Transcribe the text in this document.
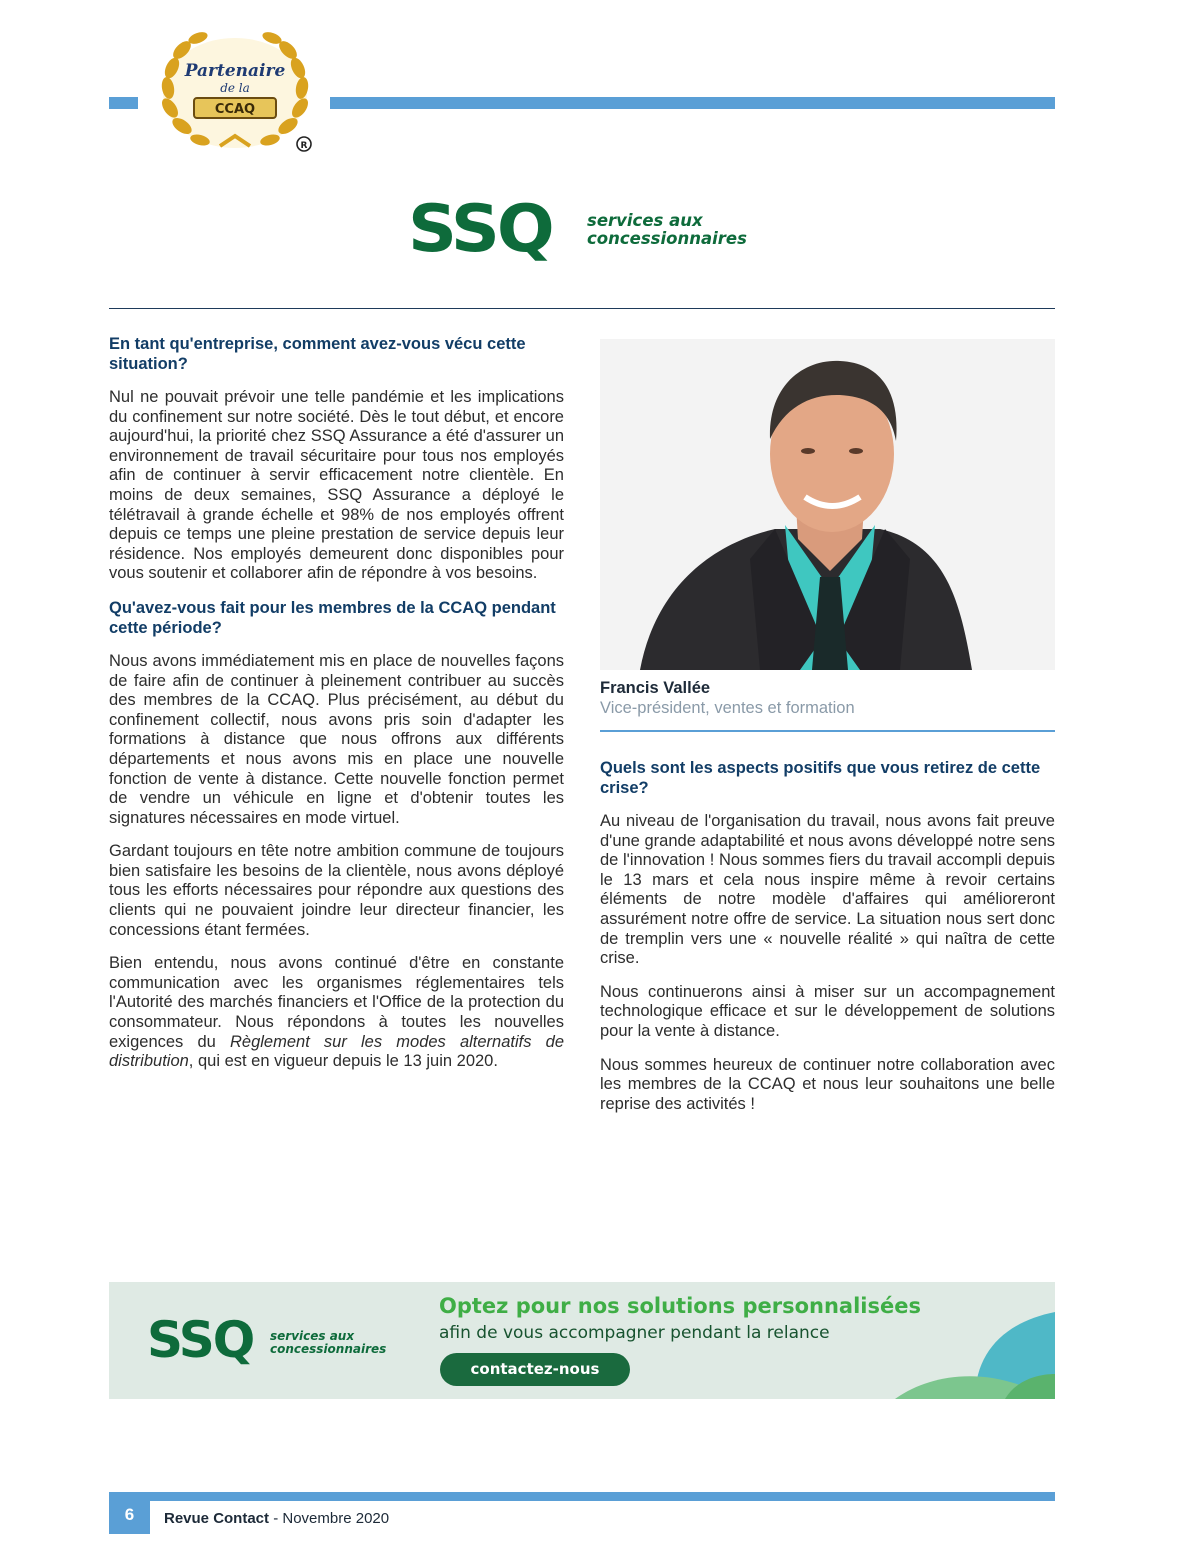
Partenaire
de la
CCAQ
R
SSQ services aux
concessionnaires
En tant qu'entreprise, comment avez-vous vécu cette situation?
Nul ne pouvait prévoir une telle pandémie et les implications du confinement sur notre société. Dès le tout début, et encore aujourd'hui, la priorité chez SSQ Assurance a été d'assurer un environnement de travail sécuritaire pour tous nos employés afin de continuer à servir efficacement notre clientèle. En moins de deux semaines, SSQ Assurance a déployé le télétravail à grande échelle et 98% de nos employés offrent depuis ce temps une pleine prestation de service depuis leur résidence. Nos employés demeurent donc disponibles pour vous soutenir et collaborer afin de répondre à vos besoins.
Qu'avez-vous fait pour les membres de la CCAQ pendant cette période?
Nous avons immédiatement mis en place de nouvelles façons de faire afin de continuer à pleinement contribuer au succès des membres de la CCAQ. Plus précisément, au début du confinement collectif, nous avons pris soin d'adapter les formations à distance que nous offrons aux différents départements et nous avons mis en place une nouvelle fonction de vente à distance. Cette nouvelle fonction permet de vendre un véhicule en ligne et d'obtenir toutes les signatures nécessaires en mode virtuel.
Gardant toujours en tête notre ambition commune de toujours bien satisfaire les besoins de la clientèle, nous avons déployé tous les efforts nécessaires pour répondre aux questions des clients qui ne pouvaient joindre leur directeur financier, les concessions étant fermées.
Bien entendu, nous avons continué d'être en constante communication avec les organismes réglementaires tels l'Autorité des marchés financiers et l'Office de la protection du consommateur. Nous répondons à toutes les nouvelles exigences du Règlement sur les modes alternatifs de distribution, qui est en vigueur depuis le 13 juin 2020.
Francis Vallée
Vice-président, ventes et formation
Quels sont les aspects positifs que vous retirez de cette crise?
Au niveau de l'organisation du travail, nous avons fait preuve d'une grande adaptabilité et nous avons développé notre sens de l'innovation ! Nous sommes fiers du travail accompli depuis le 13 mars et cela nous inspire même à revoir certains éléments de notre modèle d'affaires qui amélioreront assurément notre offre de service. La situation nous sert donc de tremplin vers une « nouvelle réalité » qui naîtra de cette crise.
Nous continuerons ainsi à miser sur un accompagnement technologique efficace et sur le développement de solutions pour la vente à distance.
Nous sommes heureux de continuer notre collaboration avec les membres de la CCAQ et nous leur souhaitons une belle reprise des activités !
SSQ services aux
concessionnaires
Optez pour nos solutions personnalisées
afin de vous accompagner pendant la relance
contactez-nous
6	Revue Contact - Novembre 2020
